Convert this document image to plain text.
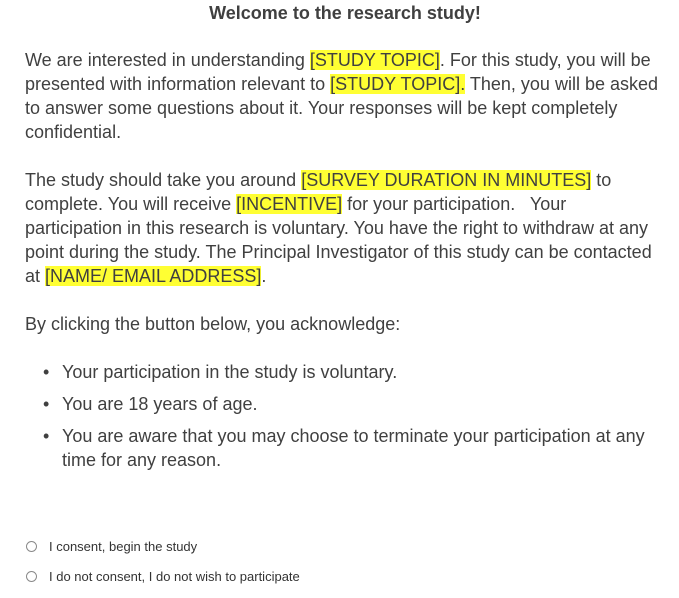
Welcome to the research study!

We are interested in understanding [STUDY TOPIC]. For this study, you will be presented with information relevant to [STUDY TOPIC]. Then, you will be asked to answer some questions about it. Your responses will be kept completely confidential.

The study should take you around [SURVEY DURATION IN MINUTES] to complete. You will receive [INCENTIVE] for your participation.   Your participation in this research is voluntary. You have the right to withdraw at any point during the study. The Principal Investigator of this study can be contacted at [NAME/ EMAIL ADDRESS].

By clicking the button below, you acknowledge:

• Your participation in the study is voluntary.
• You are 18 years of age.
• You are aware that you may choose to terminate your participation at any time for any reason.
I consent, begin the study
I do not consent, I do not wish to participate
